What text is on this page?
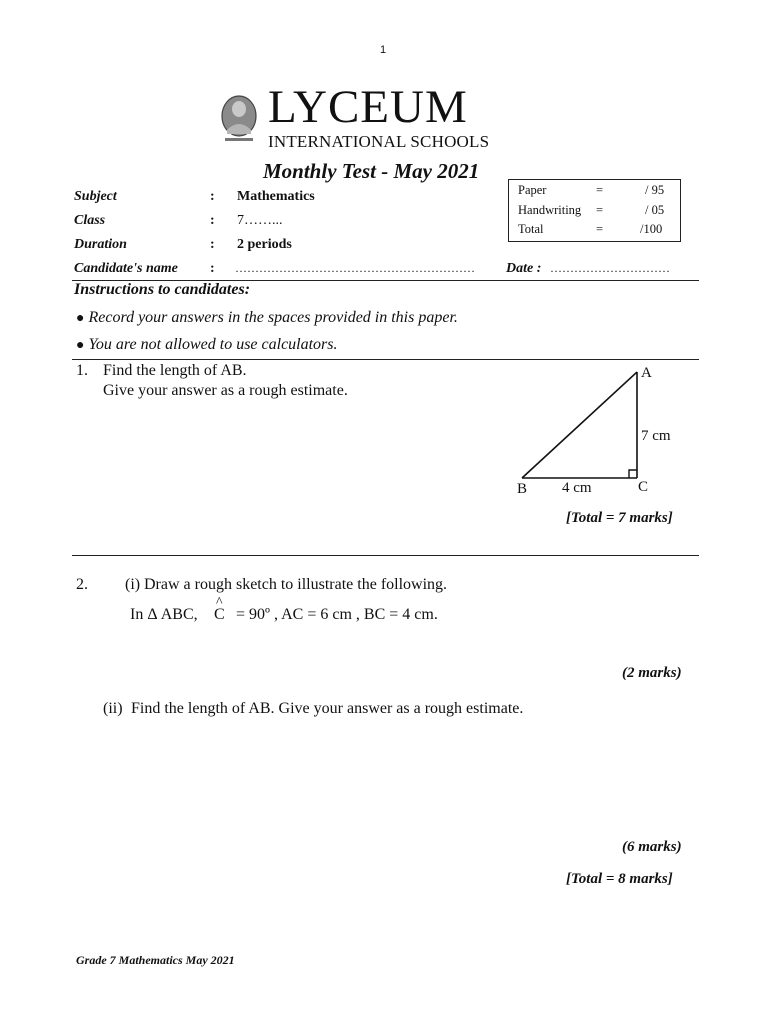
1
LYCEUM
INTERNATIONAL SCHOOLS
Monthly Test - May 2021
Subject	: Mathematics
Class	: 7……...
Duration	: 2 periods
Candidate's name : ……………………………………………………	Date : …………………………
Paper	=	/ 95
Handwriting =	/ 05
Total	=	/100
Instructions to candidates:
● Record your answers in the spaces provided in this paper.
● You are not allowed to use calculators.
1. Find the length of AB.
Give your answer as a rough estimate.
A
7 cm
B 4 cm	C
[Total = 7 marks]
2. (i) Draw a rough sketch to illustrate the following.
In Δ ABC,
^
C = 90º , AC = 6 cm , BC = 4 cm.
(2 marks)
(ii) Find the length of AB. Give your answer as a rough estimate.
(6 marks)
[Total = 8 marks]
Grade 7 Mathematics May 2021
